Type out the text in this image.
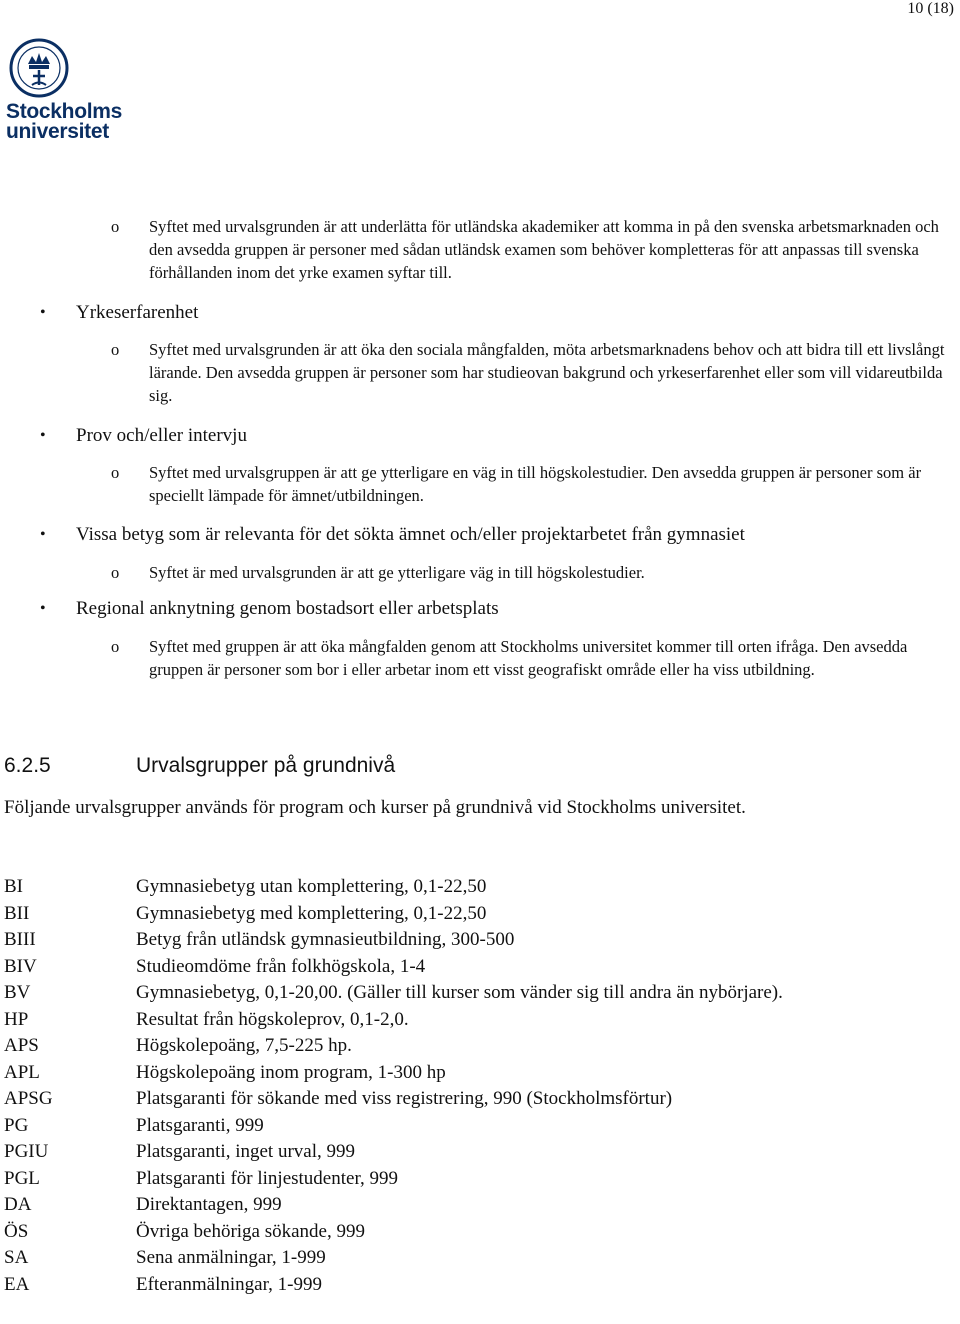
10 (18)
Stockholms
universitet
o Syftet med urvalsgrunden är att underlätta för utländska akademiker att komma in på den svenska arbetsmarknaden och den avsedda gruppen är personer med sådan utländsk examen som behöver kompletteras för att anpassas till svenska förhållanden inom det yrke examen syftar till.
• Yrkeserfarenhet
o Syftet med urvalsgrunden är att öka den sociala mångfalden, möta arbetsmarknadens behov och att bidra till ett livslångt lärande. Den avsedda gruppen är personer som har studieovan bakgrund och yrkeserfarenhet eller som vill vidareutbilda sig.
• Prov och/eller intervju
o Syftet med urvalsgruppen är att ge ytterligare en väg in till högskolestudier. Den avsedda gruppen är personer som är speciellt lämpade för ämnet/utbildningen.
• Vissa betyg som är relevanta för det sökta ämnet och/eller projektarbetet från gymnasiet
o Syftet är med urvalsgrunden är att ge ytterligare väg in till högskolestudier.
• Regional anknytning genom bostadsort eller arbetsplats
o Syftet med gruppen är att öka mångfalden genom att Stockholms universitet kommer till orten ifråga. Den avsedda gruppen är personer som bor i eller arbetar inom ett visst geografiskt område eller ha viss utbildning.
6.2.5	Urvalsgrupper på grundnivå
Följande urvalsgrupper används för program och kurser på grundnivå vid Stockholms universitet.
BI	Gymnasiebetyg utan komplettering, 0,1-22,50
BII	Gymnasiebetyg med komplettering, 0,1-22,50
BIII	Betyg från utländsk gymnasieutbildning, 300-500
BIV	Studieomdöme från folkhögskola, 1-4
BV	Gymnasiebetyg, 0,1-20,00. (Gäller till kurser som vänder sig till andra än nybörjare).
HP	Resultat från högskoleprov, 0,1-2,0.
APS	Högskolepoäng, 7,5-225 hp.
APL	Högskolepoäng inom program, 1-300 hp
APSG	Platsgaranti för sökande med viss registrering, 990 (Stockholmsförtur)
PG	Platsgaranti, 999
PGIU	Platsgaranti, inget urval, 999
PGL	Platsgaranti för linjestudenter, 999
DA	Direktantagen, 999
ÖS	Övriga behöriga sökande, 999
SA	Sena anmälningar, 1-999
EA	Efteranmälningar, 1-999
